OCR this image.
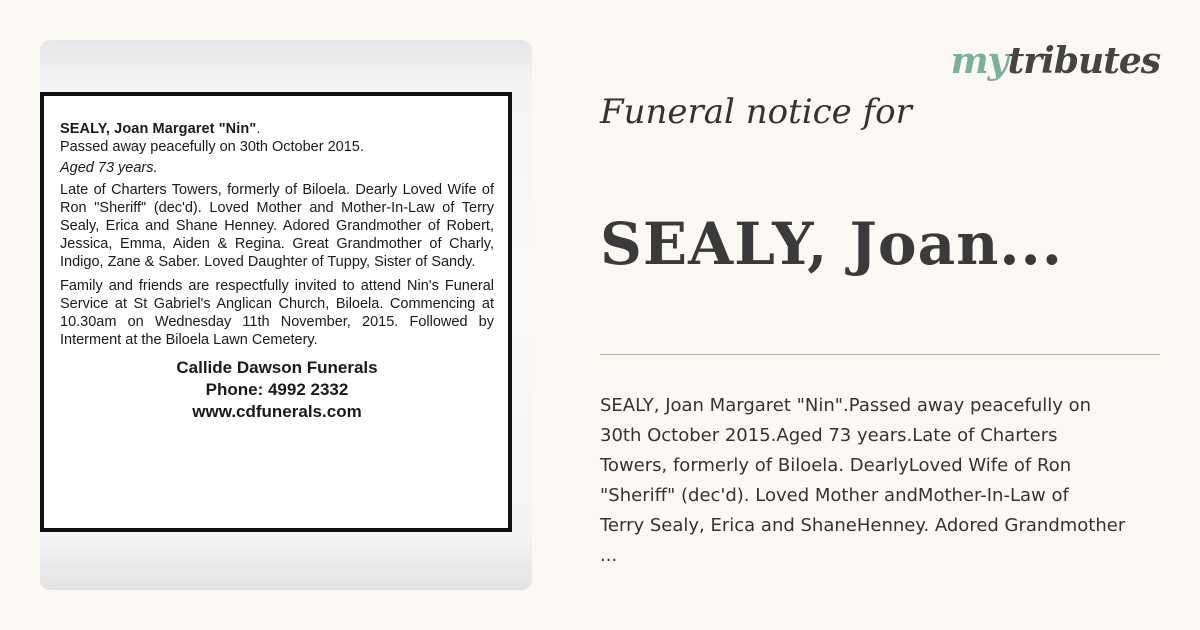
SEALY, Joan Margaret "Nin".

Passed away peacefully on 30th October 2015.

Aged 73 years.

Late of Charters Towers, formerly of Biloela. Dearly Loved Wife of Ron "Sheriff" (dec'd). Loved Mother and Mother-In-Law of Terry Sealy, Erica and Shane Henney. Adored Grandmother of Robert, Jessica, Emma, Aiden & Regina. Great Grandmother of Charly, Indigo, Zane & Saber. Loved Daughter of Tuppy, Sister of Sandy.

Family and friends are respectfully invited to attend Nin's Funeral Service at St Gabriel's Anglican Church, Biloela. Commencing at 10.30am on Wednesday 11th November, 2015. Followed by Interment at the Biloela Lawn Cemetery.

Callide Dawson Funerals
Phone: 4992 2332
www.cdfunerals.com
mytributes
Funeral notice for
SEALY, Joan...
SEALY, Joan Margaret "Nin".Passed away peacefully on
30th October 2015.Aged 73 years.Late of Charters
Towers, formerly of Biloela. DearlyLoved Wife of Ron
"Sheriff" (dec'd). Loved Mother andMother-In-Law of
Terry Sealy, Erica and ShaneHenney. Adored Grandmother
...
